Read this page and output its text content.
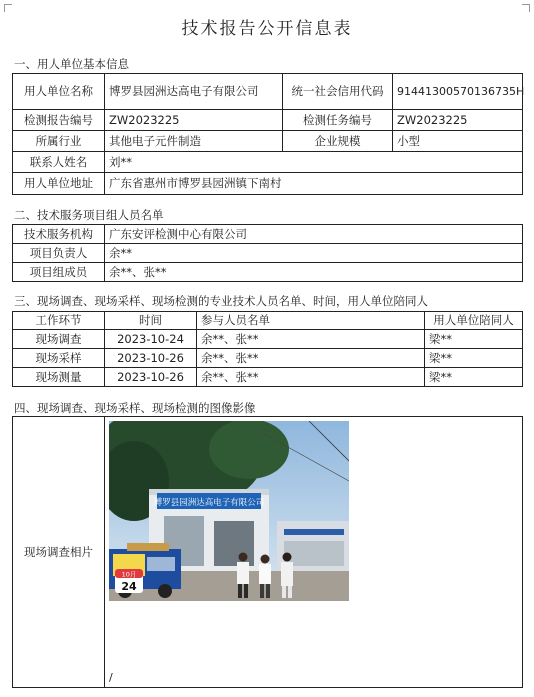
技术报告公开信息表
一、用人单位基本信息
用人单位名称	博罗县园洲达高电子有限公司	统一社会信用代码	91441300570136735H
检测报告编号	ZW2023225	检测任务编号	ZW2023225
所属行业	其他电子元件制造	企业规模	小型
联系人姓名	刘**		
用人单位地址	广东省惠州市博罗县园洲镇下南村		
二、技术服务项目组人员名单
技术服务机构	广东安评检测中心有限公司
项目负责人	余**
项目组成员	余**、张**
三、现场调查、现场采样、现场检测的专业技术人员名单、时间，用人单位陪同人
工作环节	时间	参与人员名单	用人单位陪同人
现场调查	2023-10-24	余**、张**	梁**
现场采样	2023-10-26	余**、张**	梁**
现场测量	2023-10-26	余**、张**	梁**
四、现场调查、现场采样、现场检测的图像影像
现场调查相片	
博罗县园洲达高电子有限公司
10月
24
/
